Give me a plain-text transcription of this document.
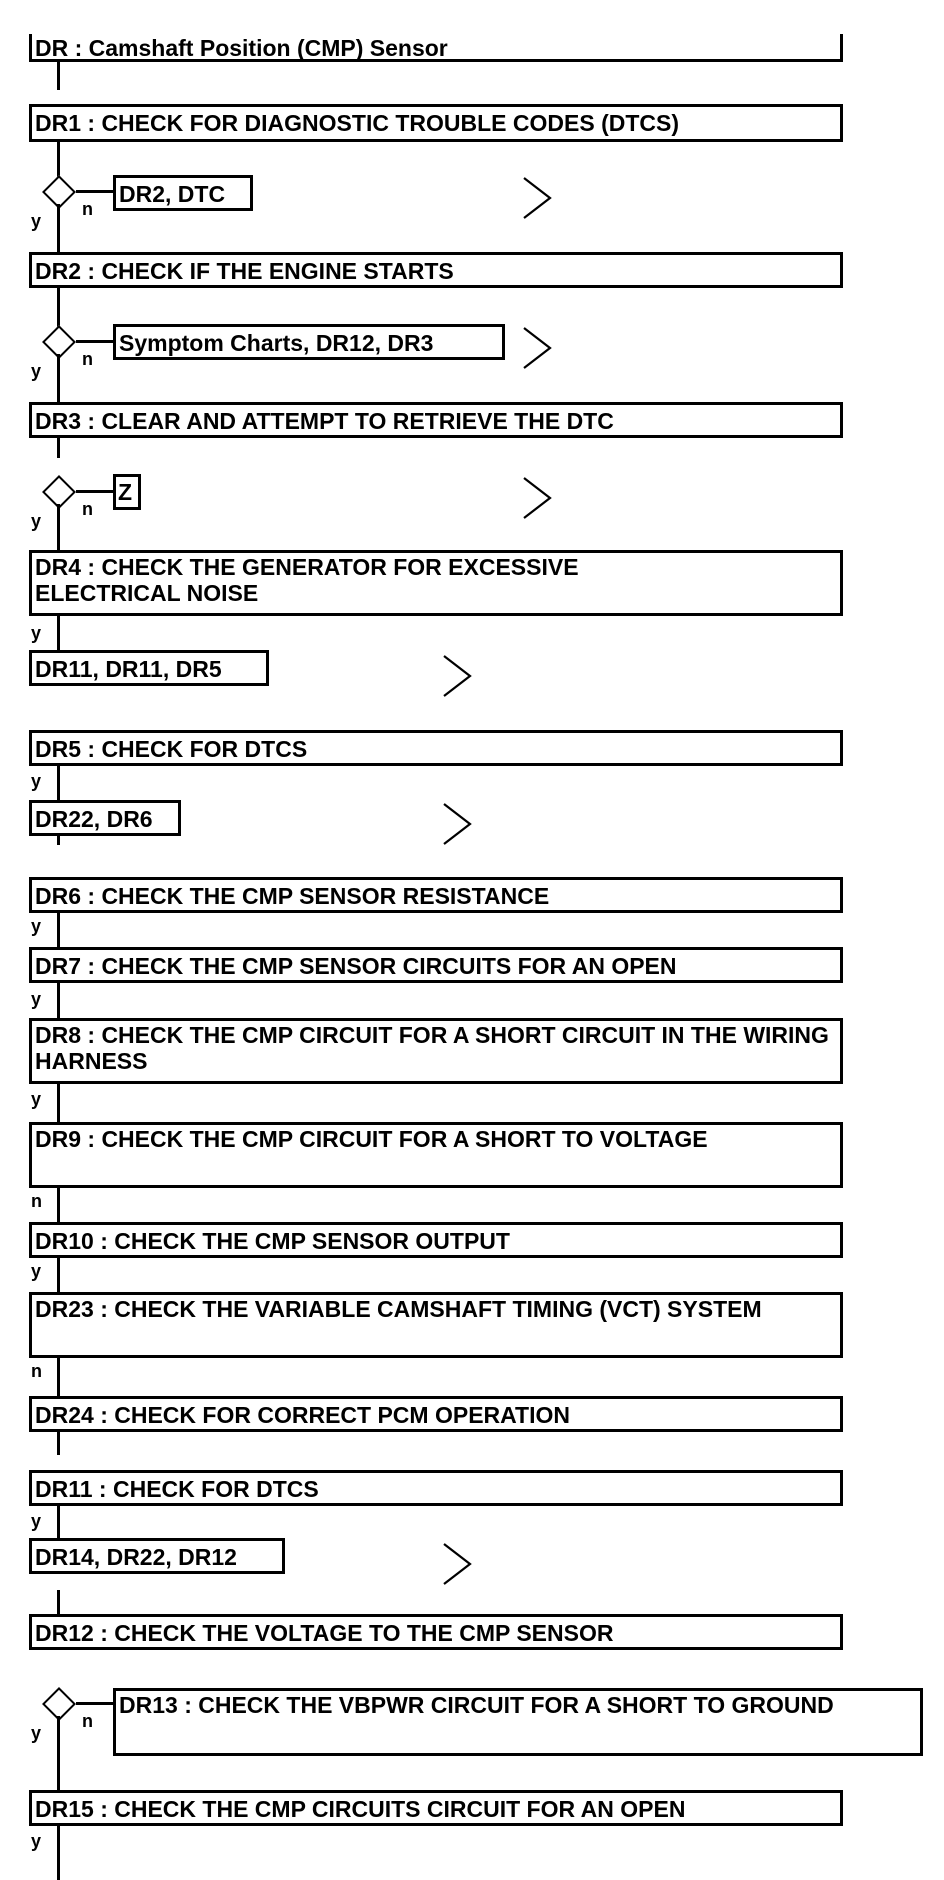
DR : Camshaft Position (CMP) Sensor
DR1 : CHECK FOR DIAGNOSTIC TROUBLE CODES (DTCS)
n
y
DR2, DTC
DR2 : CHECK IF THE ENGINE STARTS
n
y
Symptom Charts, DR12, DR3
DR3 : CLEAR AND ATTEMPT TO RETRIEVE THE DTC
n
y
Z
DR4 : CHECK THE GENERATOR FOR EXCESSIVE ELECTRICAL NOISE
y
DR11, DR11, DR5
DR5 : CHECK FOR DTCS
y
DR22, DR6
DR6 : CHECK THE CMP SENSOR RESISTANCE
y
DR7 : CHECK THE CMP SENSOR CIRCUITS FOR AN OPEN
y
DR8 : CHECK THE CMP CIRCUIT FOR A SHORT CIRCUIT IN THE WIRING HARNESS
y
DR9 : CHECK THE CMP CIRCUIT FOR A SHORT TO VOLTAGE
n
DR10 : CHECK THE CMP SENSOR OUTPUT
y
DR23 : CHECK THE VARIABLE CAMSHAFT TIMING (VCT) SYSTEM
n
DR24 : CHECK FOR CORRECT PCM OPERATION
DR11 : CHECK FOR DTCS
y
DR14, DR22, DR12
DR12 : CHECK THE VOLTAGE TO THE CMP SENSOR
n
y
DR13 : CHECK THE VBPWR CIRCUIT FOR A SHORT TO GROUND
DR15 : CHECK THE CMP CIRCUITS CIRCUIT FOR AN OPEN
y
